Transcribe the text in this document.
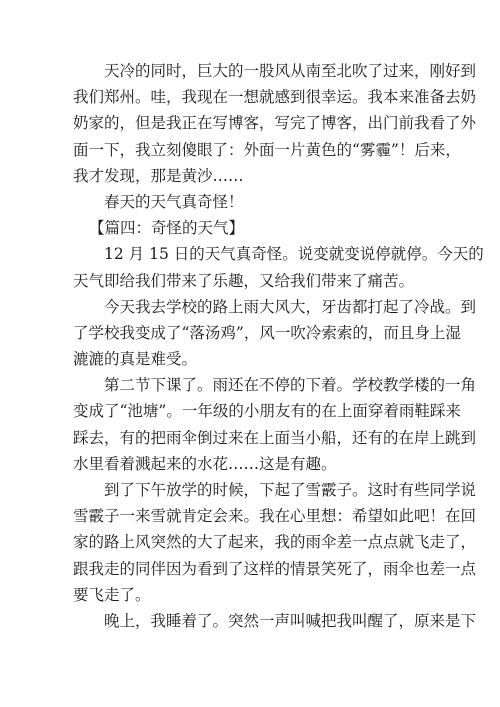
天冷的同时，巨大的一股风从南至北吹了过来，刚好到
我们郑州。哇，我现在一想就感到很幸运。我本来准备去奶
奶家的，但是我正在写博客，写完了博客，出门前我看了外
面一下，我立刻傻眼了：外面一片黄色的“雾霾”！后来，
我才发现，那是黄沙……
春天的天气真奇怪！
【篇四：奇怪的天气】
12 月 15 日的天气真奇怪。说变就变说停就停。今天的
天气即给我们带来了乐趣，又给我们带来了痛苦。
今天我去学校的路上雨大风大，牙齿都打起了冷战。到
了学校我变成了“落汤鸡”，风一吹冷索索的，而且身上湿
漉漉的真是难受。
第二节下课了。雨还在不停的下着。学校教学楼的一角
变成了“池塘”。一年级的小朋友有的在上面穿着雨鞋踩来
踩去，有的把雨伞倒过来在上面当小船，还有的在岸上跳到
水里看着溅起来的水花……这是有趣。
到了下午放学的时候，下起了雪霰子。这时有些同学说
雪霰子一来雪就肯定会来。我在心里想：希望如此吧！在回
家的路上风突然的大了起来，我的雨伞差一点点就飞走了，
跟我走的同伴因为看到了这样的情景笑死了，雨伞也差一点
要飞走了。
晚上，我睡着了。突然一声叫喊把我叫醒了，原来是下
